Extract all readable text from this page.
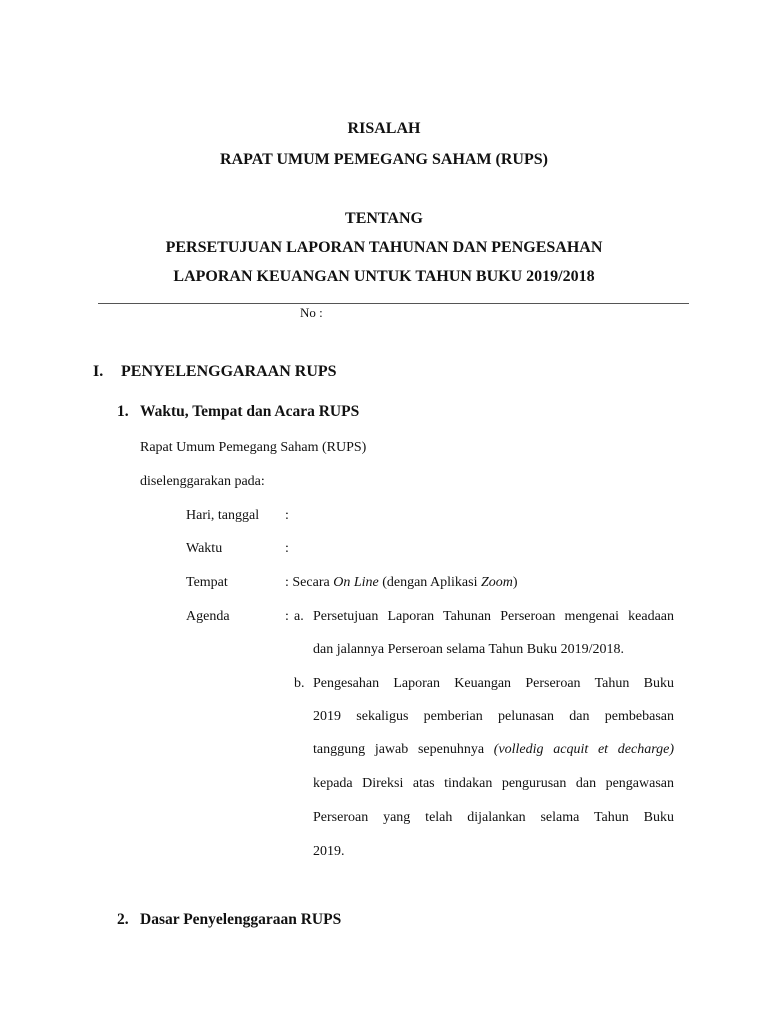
RISALAH
RAPAT UMUM PEMEGANG SAHAM (RUPS)
TENTANG
PERSETUJUAN LAPORAN TAHUNAN DAN PENGESAHAN
LAPORAN KEUANGAN UNTUK TAHUN BUKU 2019/2018
No :
I. PENYELENGGARAAN RUPS
1. Waktu, Tempat dan Acara RUPS
Rapat Umum Pemegang Saham (RUPS)
diselenggarakan pada:
Hari, tanggal :
Waktu	:
Tempat	: Secara On Line (dengan Aplikasi Zoom)
Agenda	: a. Persetujuan Laporan Tahunan Perseroan mengenai keadaan
dan jalannya Perseroan selama Tahun Buku 2019/2018.
b. Pengesahan Laporan Keuangan Perseroan Tahun Buku
2019 sekaligus pemberian pelunasan dan pembebasan
tanggung jawab sepenuhnya (volledig acquit et decharge)
kepada Direksi atas tindakan pengurusan dan pengawasan
Perseroan yang telah dijalankan selama Tahun Buku
2019.
2. Dasar Penyelenggaraan RUPS
